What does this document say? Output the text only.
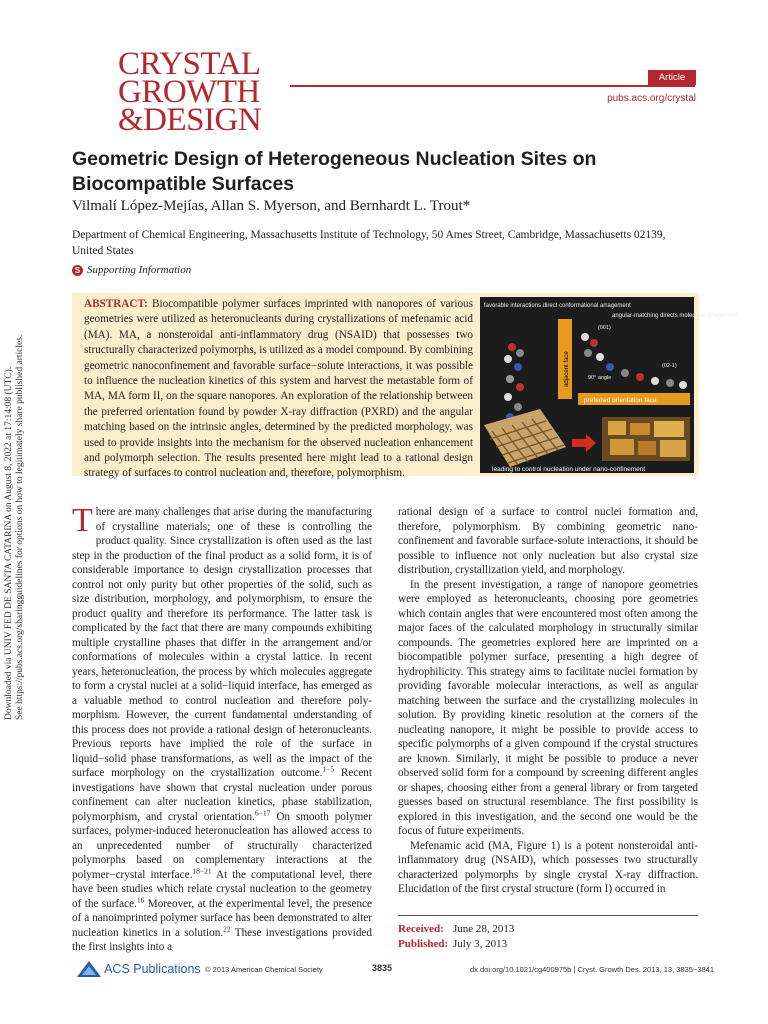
Downloaded via UNIV FED DE SANTA CATARINA on August 8, 2022 at 17:14:08 (UTC). See https://pubs.acs.org/sharingguidelines for options on how to legitimately share published articles.
CRYSTAL
GROWTH
&DESIGN
Article
pubs.acs.org/crystal
Geometric Design of Heterogeneous Nucleation Sites on Biocompatible Surfaces
Vilmalí López-Mejías, Allan S. Myerson, and Bernhardt L. Trout*
Department of Chemical Engineering, Massachusetts Institute of Technology, 50 Ames Street, Cambridge, Massachusetts 02139, United States
S Supporting Information
ABSTRACT: Biocompatible polymer surfaces imprinted with nanopores of various geometries were utilized as heteronucleants during crystallizations of mefenamic acid (MA). MA, a nonsteroidal anti-inflammatory drug (NSAID) that possesses two structurally characterized polymorphs, is utilized as a model compound. By combining geometric nanoconfinement and favorable surface−solute interactions, it was possible to influence the nucleation kinetics of this system and harvest the metastable form of MA, MA form II, on the square nanopores. An exploration of the relationship between the preferred orientation found by powder X-ray diffraction (PXRD) and the angular matching based on the intrinsic angles, determined by the predicted morphology, was used to provide insights into the mechanism for the observed nucleation enhancement and polymorph selection. The results presented here might lead to a rational design strategy of surfaces to control nucleation and, therefore, polymorphism.
adjacent face
preferred orientation face
favorable interactions direct conformational arragement
angular-matching directs molecular arragement
(001)
(02-1)
90° angle
leading to control nucleation under nano-confinement

There are many challenges that arise during the manufacturing of crystalline materials; one of these is controlling the product quality. Since crystallization is often used as the last step in the production of the final product as a solid form, it is of considerable importance to design crystallization processes that control not only purity but other properties of the solid, such as size distribution, morphology, and polymorphism, to ensure the product quality and therefore its performance. The latter task is complicated by the fact that there are many compounds exhibiting multiple crystalline phases that differ in the arrangement and/or conformations of molecules within a crystal lattice. In recent years, heteronucleation, the process by which molecules aggregate to form a crystal nuclei at a solid−liquid interface, has emerged as a valuable method to control nucleation and therefore polymorphism. However, the current fundamental understanding of this process does not provide a rational design of heteronucleants. Previous reports have implied the role of the surface in liquid−solid phase transformations, as well as the impact of the surface morphology on the crystallization outcome.$^{1-5}$ Recent investigations have shown that crystal nucleation under porous confinement can alter nucleation kinetics, phase stabilization, polymorphism, and crystal orientation.$^{6-17}$ On smooth polymer surfaces, polymer-induced heteronucleation has allowed access to an unprecedented number of structurally characterized polymorphs based on complementary interactions at the polymer−crystal interface.$^{18-21}$ At the computational level, there have been studies which relate crystal nucleation to the geometry of the surface.$^{16}$ Moreover, at the experimental level, the presence of a nanoimprinted polymer surface has been demonstrated to alter nucleation kinetics in a solution.$^{22}$ These investigations provided the first insights into a

rational design of a surface to control nuclei formation and, therefore, polymorphism. By combining geometric nanoconfinement and favorable surface-solute interactions, it should be possible to influence not only nucleation but also crystal size distribution, crystallization yield, and morphology.

In the present investigation, a range of nanopore geometries were employed as heteronucleants, choosing pore geometries which contain angles that were encountered most often among the major faces of the calculated morphology in structurally similar compounds. The geometries explored here are imprinted on a biocompatible polymer surface, presenting a high degree of hydrophilicity. This strategy aims to facilitate nuclei formation by providing favorable molecular interactions, as well as angular matching between the surface and the crystallizing molecules in solution. By providing kinetic resolution at the corners of the nucleating nanopore, it might be possible to provide access to specific polymorphs of a given compound if the crystal structures are known. Similarly, it might be possible to produce a never observed solid form for a compound by screening different angles or shapes, choosing either from a general library or from targeted guesses based on structural resemblance. The first possibility is explored in this investigation, and the second one would be the focus of future experiments.

Mefenamic acid (MA, Figure 1) is a potent nonsteroidal anti-inflammatory drug (NSAID), which possesses two structurally characterized polymorphs by single crystal X-ray diffraction. Elucidation of the first crystal structure (form I) occurred in

Received: June 28, 2013
Published: July 3, 2013
ACS Publications © 2013 American Chemical Society	3835	dx.doi.org/10.1021/cg400975b | Cryst. Growth Des. 2013, 13, 3835−3841
